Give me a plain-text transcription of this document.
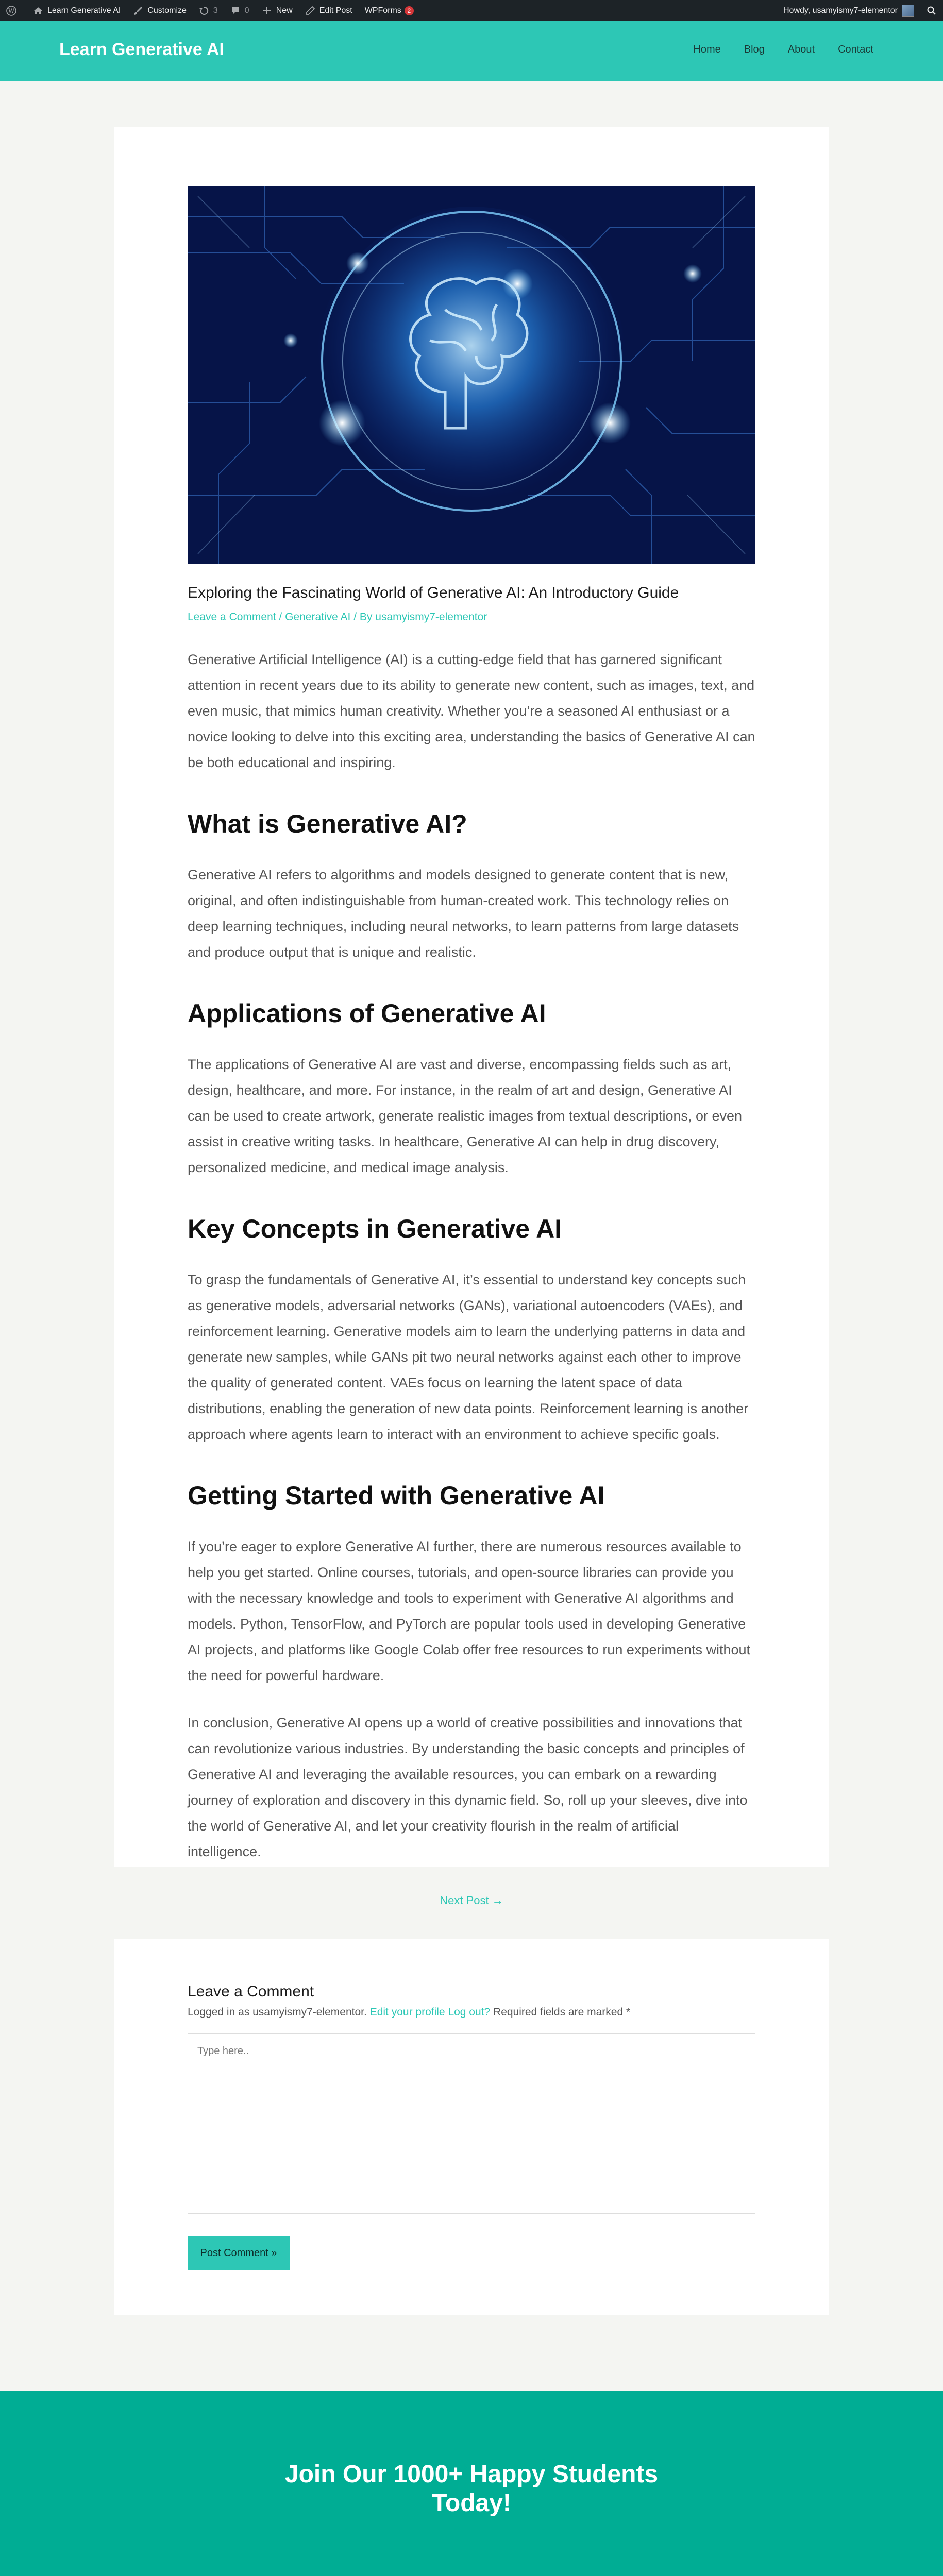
W	Learn Generative AI	Customize	3	0	New	Edit Post WPForms 2	Howdy, usamyismy7-elementor
Learn Generative AI	Home Blog About Contact
Exploring the Fascinating World of Generative AI: An Introductory Guide
Leave a Comment / Generative AI / By usamyismy7-elementor

Generative Artificial Intelligence (AI) is a cutting-edge field that has garnered significant attention in recent years due to its ability to generate new content, such as images, text, and even music, that mimics human creativity. Whether you’re a seasoned AI enthusiast or a novice looking to delve into this exciting area, understanding the basics of Generative AI can be both educational and inspiring.

What is Generative AI?

Generative AI refers to algorithms and models designed to generate content that is new, original, and often indistinguishable from human-created work. This technology relies on deep learning techniques, including neural networks, to learn patterns from large datasets and produce output that is unique and realistic.

Applications of Generative AI

The applications of Generative AI are vast and diverse, encompassing fields such as art, design, healthcare, and more. For instance, in the realm of art and design, Generative AI can be used to create artwork, generate realistic images from textual descriptions, or even assist in creative writing tasks. In healthcare, Generative AI can help in drug discovery, personalized medicine, and medical image analysis.

Key Concepts in Generative AI

To grasp the fundamentals of Generative AI, it’s essential to understand key concepts such as generative models, adversarial networks (GANs), variational autoencoders (VAEs), and reinforcement learning. Generative models aim to learn the underlying patterns in data and generate new samples, while GANs pit two neural networks against each other to improve the quality of generated content. VAEs focus on learning the latent space of data distributions, enabling the generation of new data points. Reinforcement learning is another approach where agents learn to interact with an environment to achieve specific goals.

Getting Started with Generative AI

If you’re eager to explore Generative AI further, there are numerous resources available to help you get started. Online courses, tutorials, and open-source libraries can provide you with the necessary knowledge and tools to experiment with Generative AI algorithms and models. Python, TensorFlow, and PyTorch are popular tools used in developing Generative AI projects, and platforms like Google Colab offer free resources to run experiments without the need for powerful hardware.

In conclusion, Generative AI opens up a world of creative possibilities and innovations that can revolutionize various industries. By understanding the basic concepts and principles of Generative AI and leveraging the available resources, you can embark on a rewarding journey of exploration and discovery in this dynamic field. So, roll up your sleeves, dive into the world of Generative AI, and let your creativity flourish in the realm of artificial intelligence.

Next Post →
Leave a Comment
Logged in as usamyismy7-elementor. Edit your profile Log out? Required fields are marked *
Type here..
Post Comment »
Join Our 1000+ Happy Students Today!
